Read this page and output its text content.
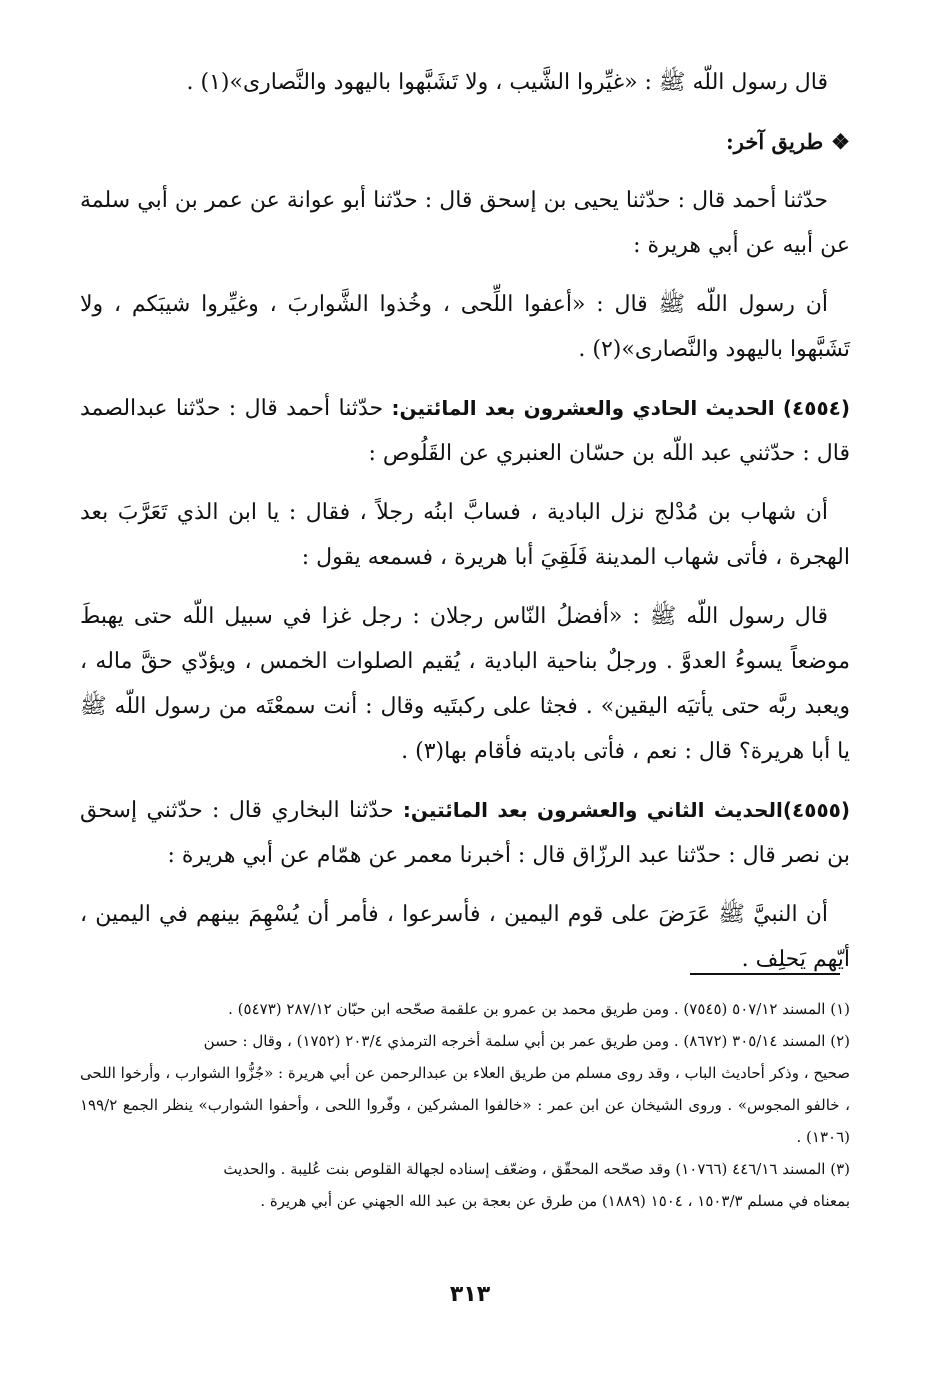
قال رسول اللّه ﷺ : «غيِّروا الشَّيب ، ولا تَشَبَّهوا باليهود والنَّصارى»(١) .

❖طريق آخر:

حدّثنا أحمد قال : حدّثنا يحيى بن إسحق قال : حدّثنا أبو عوانة عن عمر بن أبي سلمة عن أبيه عن أبي هريرة :

أن رسول اللّه ﷺ قال : «أعفوا اللِّحى ، وخُذوا الشَّواربَ ، وغيِّروا شيبَكم ، ولا تَشَبَّهوا باليهود والنَّصارى»(٢) .

(٤٥٥٤) الحديث الحادي والعشرون بعد المائتين: حدّثنا أحمد قال : حدّثنا عبدالصمد قال : حدّثني عبد اللّه بن حسّان العنبري عن القَلُوص :

أن شهاب بن مُدْلج نزل البادية ، فسابَّ ابنُه رجلاً ، فقال : يا ابن الذي تَعَرَّبَ بعد الهجرة ، فأتى شهاب المدينة فَلَقِيَ أبا هريرة ، فسمعه يقول :

قال رسول اللّه ﷺ : «أفضلُ النّاس رجلان : رجل غزا في سبيل اللّه حتى يهبطَ موضعاً يسوءُ العدوَّ . ورجلٌ بناحية البادية ، يُقيم الصلوات الخمس ، ويؤدّي حقَّ ماله ، ويعبد ربَّه حتى يأتيَه اليقين» . فجثا على ركبتَيه وقال : أنت سمعْتَه من رسول اللّه ﷺ يا أبا هريرة؟ قال : نعم ، فأتى باديته فأقام بها(٣) .

(٤٥٥٥)الحديث الثاني والعشرون بعد المائتين: حدّثنا البخاري قال : حدّثني إسحق بن نصر قال : حدّثنا عبد الرزّاق قال : أخبرنا معمر عن همّام عن أبي هريرة :

أن النبيَّ ﷺ عَرَضَ على قوم اليمين ، فأسرعوا ، فأمر أن يُسْهِمَ بينهم في اليمين ، أيّهم يَحلِف .

(١) المسند ٥٠٧/١٢ (٧٥٤٥) . ومن طريق محمد بن عمرو بن علقمة صحّحه ابن حبّان ٢٨٧/١٢ (٥٤٧٣) .

(٢) المسند ٣٠٥/١٤ (٨٦٧٢) . ومن طريق عمر بن أبي سلمة أخرجه الترمذي ٢٠٣/٤ (١٧٥٢) ، وقال : حسن

صحيح ، وذكر أحاديث الباب ، وقد روى مسلم من طريق العلاء بن عبدالرحمن عن أبي هريرة : «جُزُّوا الشوارب ، وأرخوا اللحى ، خالفو المجوس» . وروى الشيخان عن ابن عمر : «خالفوا المشركين ، وفّروا اللحى ، وأحفوا الشوارب» ينظر الجمع ١٩٩/٢ (١٣٠٦) .

(٣) المسند ٤٤٦/١٦ (١٠٧٦٦) وقد صحّحه المحقّق ، وضعّف إسناده لجهالة القلوص بنت عُليبة . والحديث

بمعناه في مسلم ١٥٠٣/٣ ، ١٥٠٤ (١٨٨٩) من طرق عن بعجة بن عبد الله الجهني عن أبي هريرة .

٣١٣
